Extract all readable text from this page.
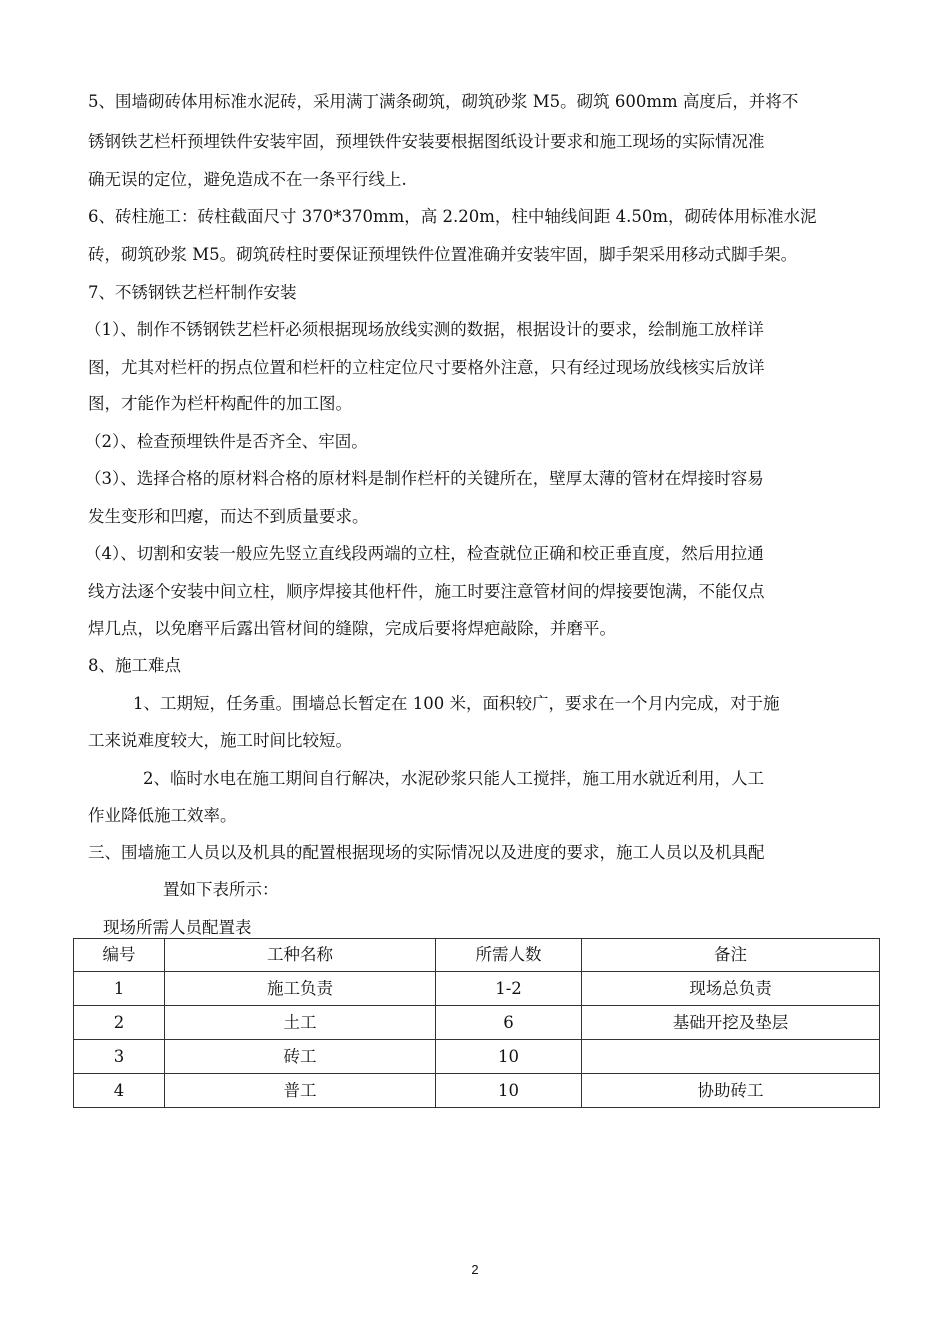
5、围墙砌砖体用标准水泥砖，采用满丁满条砌筑，砌筑砂浆 M5。砌筑 600mm 高度后，并将不
锈钢铁艺栏杆预埋铁件安装牢固，预埋铁件安装要根据图纸设计要求和施工现场的实际情况准
确无误的定位，避免造成不在一条平行线上.
6、砖柱施工：砖柱截面尺寸 370*370mm，高 2.20m，柱中轴线间距 4.50m，砌砖体用标准水泥
砖，砌筑砂浆 M5。砌筑砖柱时要保证预埋铁件位置准确并安装牢固，脚手架采用移动式脚手架。
7、不锈钢铁艺栏杆制作安装
（1）、制作不锈钢铁艺栏杆必须根据现场放线实测的数据，根据设计的要求，绘制施工放样详
图，尤其对栏杆的拐点位置和栏杆的立柱定位尺寸要格外注意，只有经过现场放线核实后放详
图，才能作为栏杆构配件的加工图。
（2）、检查预埋铁件是否齐全、牢固。
（3）、选择合格的原材料合格的原材料是制作栏杆的关键所在，壁厚太薄的管材在焊接时容易
发生变形和凹瘪，而达不到质量要求。
（4）、切割和安装一般应先竖立直线段两端的立柱，检查就位正确和校正垂直度，然后用拉通
线方法逐个安装中间立柱，顺序焊接其他杆件，施工时要注意管材间的焊接要饱满，不能仅点
焊几点，以免磨平后露出管材间的缝隙，完成后要将焊疤敲除，并磨平。
8、施工难点
1、工期短，任务重。围墙总长暂定在 100 米，面积较广，要求在一个月内完成，对于施
工来说难度较大，施工时间比较短。
2、临时水电在施工期间自行解决，水泥砂浆只能人工搅拌，施工用水就近利用，人工
作业降低施工效率。
三、围墙施工人员以及机具的配置根据现场的实际情况以及进度的要求，施工人员以及机具配
置如下表所示：
现场所需人员配置表
编号	工种名称	所需人数	备注
1	施工负责	1-2	现场总负责
2	土工	6	基础开挖及垫层
3	砖工	10	
4	普工	10	协助砖工
2
